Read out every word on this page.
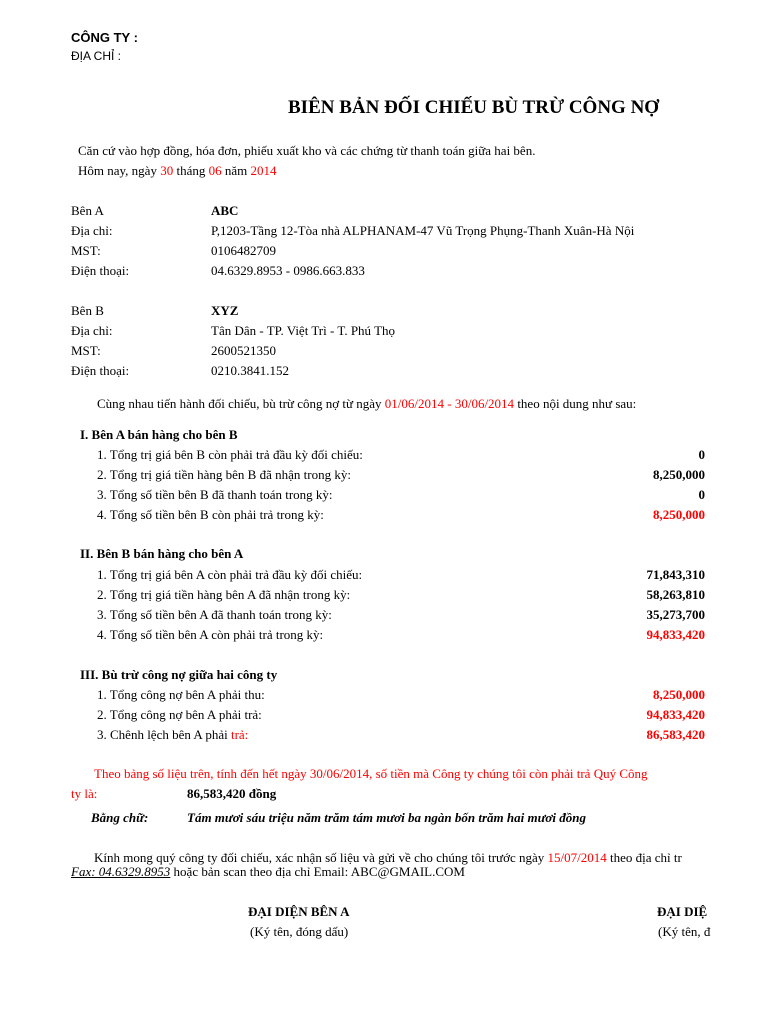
CÔNG TY :
ĐỊA CHỈ :
BIÊN BẢN ĐỐI CHIẾU BÙ TRỪ CÔNG NỢ
Căn cứ vào hợp đồng, hóa đơn, phiếu xuất kho và các chứng từ thanh toán giữa hai bên.
Hôm nay, ngày 30 tháng 06 năm 2014
Bên A	ABC
Địa chỉ:	P,1203-Tầng 12-Tòa nhà ALPHANAM-47 Vũ Trọng Phụng-Thanh Xuân-Hà Nội
MST:	0106482709
Điện thoại:	04.6329.8953 - 0986.663.833
Bên B	XYZ
Địa chỉ:	Tân Dân - TP. Việt Trì - T. Phú Thọ
MST:	2600521350
Điện thoại:	0210.3841.152
Cùng nhau tiến hành đối chiếu, bù trừ công nợ từ ngày 01/06/2014 - 30/06/2014 theo nội dung như sau:
I. Bên A bán hàng cho bên B
1. Tổng trị giá bên B còn phải trả đầu kỳ đối chiếu:	0
2. Tổng trị giá tiền hàng bên B đã nhận trong kỳ:	8,250,000
3. Tổng số tiền bên B đã thanh toán trong kỳ:	0
4. Tổng số tiền bên B còn phải trả trong kỳ:	8,250,000
II. Bên B bán hàng cho bên A
1. Tổng trị giá bên A còn phải trả đầu kỳ đối chiếu:	71,843,310
2. Tổng trị giá tiền hàng bên A đã nhận trong kỳ:	58,263,810
3. Tổng số tiền bên A đã thanh toán trong kỳ:	35,273,700
4. Tổng số tiền bên A còn phải trả trong kỳ:	94,833,420
III. Bù trừ công nợ giữa hai công ty
1. Tổng công nợ bên A phải thu:	8,250,000
2. Tổng công nợ bên A phải trả:	94,833,420
3. Chênh lệch bên A phải trả:	86,583,420
Theo bảng số liệu trên, tính đến hết ngày 30/06/2014, số tiền mà Công ty chúng tôi còn phải trả Quý Công
ty là:	86,583,420 đồng
Bằng chữ:	Tám mươi sáu triệu năm trăm tám mươi ba ngàn bốn trăm hai mươi đồng
Kính mong quý công ty đối chiếu, xác nhận số liệu và gửi về cho chúng tôi trước ngày 15/07/2014 theo địa chỉ tr
Fax: 04.6329.8953 hoặc bản scan theo địa chỉ Email: ABC@GMAIL.COM
ĐẠI DIỆN BÊN A
(Ký tên, đóng dấu)
ĐẠI DIỆ
(Ký tên, đ
